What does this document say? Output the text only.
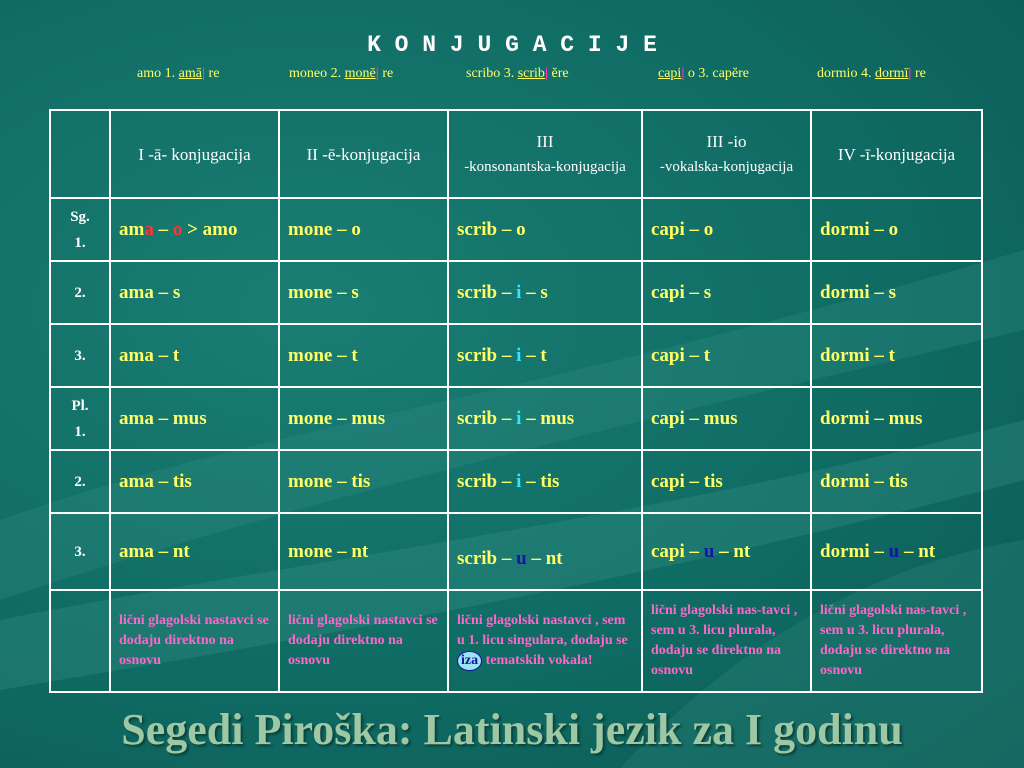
K O N J U G A C I J E
amo 1. amā| re	moneo 2. monē| re	scribo 3. scrib| ĕre	capi| o 3. capĕre	dormio 4. dormī| re
	I -ā- konjugacija	II -ē-konjugacija	III
-konsonantska-konjugacija	III -io
-vokalska-konjugacija	IV -ī-konjugacija

Sg.
1.	ama – o > amo	mone – o	scrib – o	capi – o	dormi – o

2.	ama – s	mone – s	scrib – i – s	capi – s	dormi – s

3.	ama – t	mone – t	scrib – i – t	capi – t	dormi – t

Pl.
1.	ama – mus	mone – mus	scrib – i – mus	capi – mus	dormi – mus

2.	ama – tis	mone – tis	scrib – i – tis	capi – tis	dormi – tis

3.	ama – nt	mone – nt	scrib – u – nt	capi – u – nt	dormi – u – nt

	lični glagolski nastavci se dodaju direktno na osnovu	lični glagolski nastavci se dodaju direktno na osnovu	lični glagolski nastavci , sem u 1. licu singulara, dodaju se iza tematskih vokala!	lični glagolski nas-tavci , sem u 3. licu plurala, dodaju se direktno na osnovu	lični glagolski nas-tavci , sem u 3. licu plurala, dodaju se direktno na osnovu
Segedi Piroška: Latinski jezik za I godinu
